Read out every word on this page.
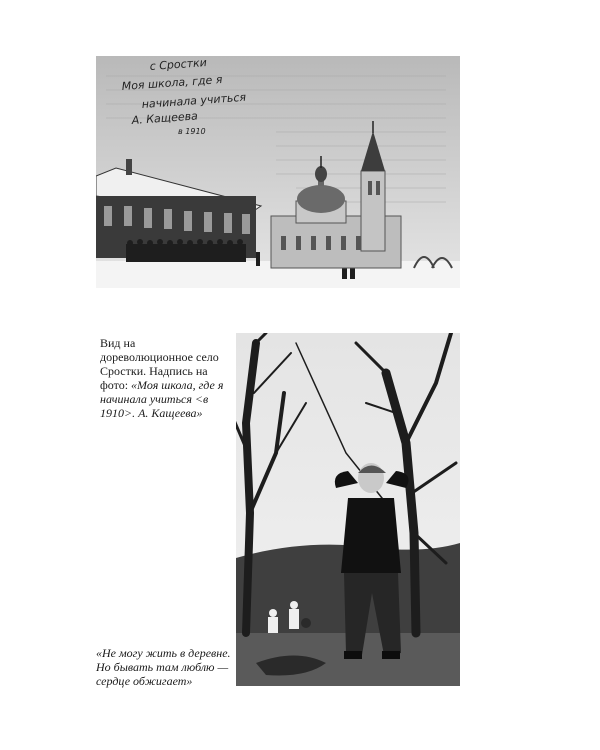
с Сростки
Моя школа, где я
начинала учиться
А. Кащеева
в 1910
Вид на дореволюционное село Сростки. Надпись на фото: «Моя школа, где я начинала учиться <в 1910>. А. Кащеева»
«Не могу жить в деревне. Но бывать там люблю — сердце обжигает»
